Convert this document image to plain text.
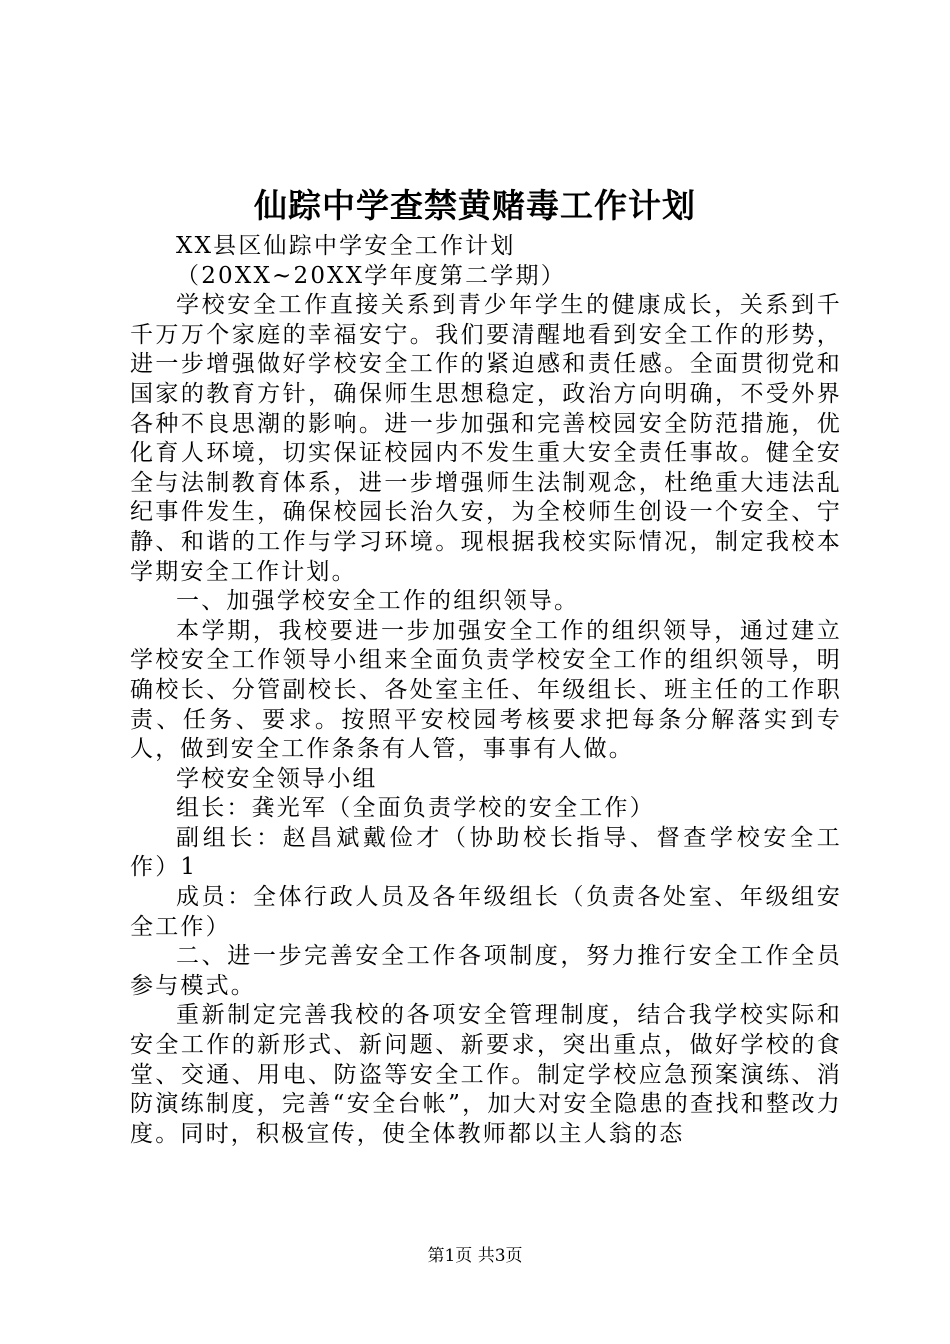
仙踪中学查禁黄赌毒工作计划

XX县区仙踪中学安全工作计划

（20XX~20XX学年度第二学期）

学校安全工作直接关系到青少年学生的健康成长，关系到千千万万个家庭的幸福安宁。我们要清醒地看到安全工作的形势，进一步增强做好学校安全工作的紧迫感和责任感。全面贯彻党和国家的教育方针，确保师生思想稳定，政治方向明确，不受外界各种不良思潮的影响。进一步加强和完善校园安全防范措施，优化育人环境，切实保证校园内不发生重大安全责任事故。健全安全与法制教育体系，进一步增强师生法制观念，杜绝重大违法乱纪事件发生，确保校园长治久安，为全校师生创设一个安全、宁静、和谐的工作与学习环境。现根据我校实际情况，制定我校本学期安全工作计划。

一、加强学校安全工作的组织领导。

本学期，我校要进一步加强安全工作的组织领导，通过建立学校安全工作领导小组来全面负责学校安全工作的组织领导，明确校长、分管副校长、各处室主任、年级组长、班主任的工作职责、任务、要求。按照平安校园考核要求把每条分解落实到专人，做到安全工作条条有人管，事事有人做。

学校安全领导小组

组长：龚光军（全面负责学校的安全工作）

副组长：赵昌斌戴俭才（协助校长指导、督查学校安全工作）1

成员：全体行政人员及各年级组长（负责各处室、年级组安全工作）

二、进一步完善安全工作各项制度，努力推行安全工作全员参与模式。

重新制定完善我校的各项安全管理制度，结合我学校实际和安全工作的新形式、新问题、新要求，突出重点，做好学校的食堂、交通、用电、防盗等安全工作。制定学校应急预案演练、消防演练制度，完善“安全台帐”，加大对安全隐患的查找和整改力度。同时，积极宣传，使全体教师都以主人翁的态

第1页 共3页
